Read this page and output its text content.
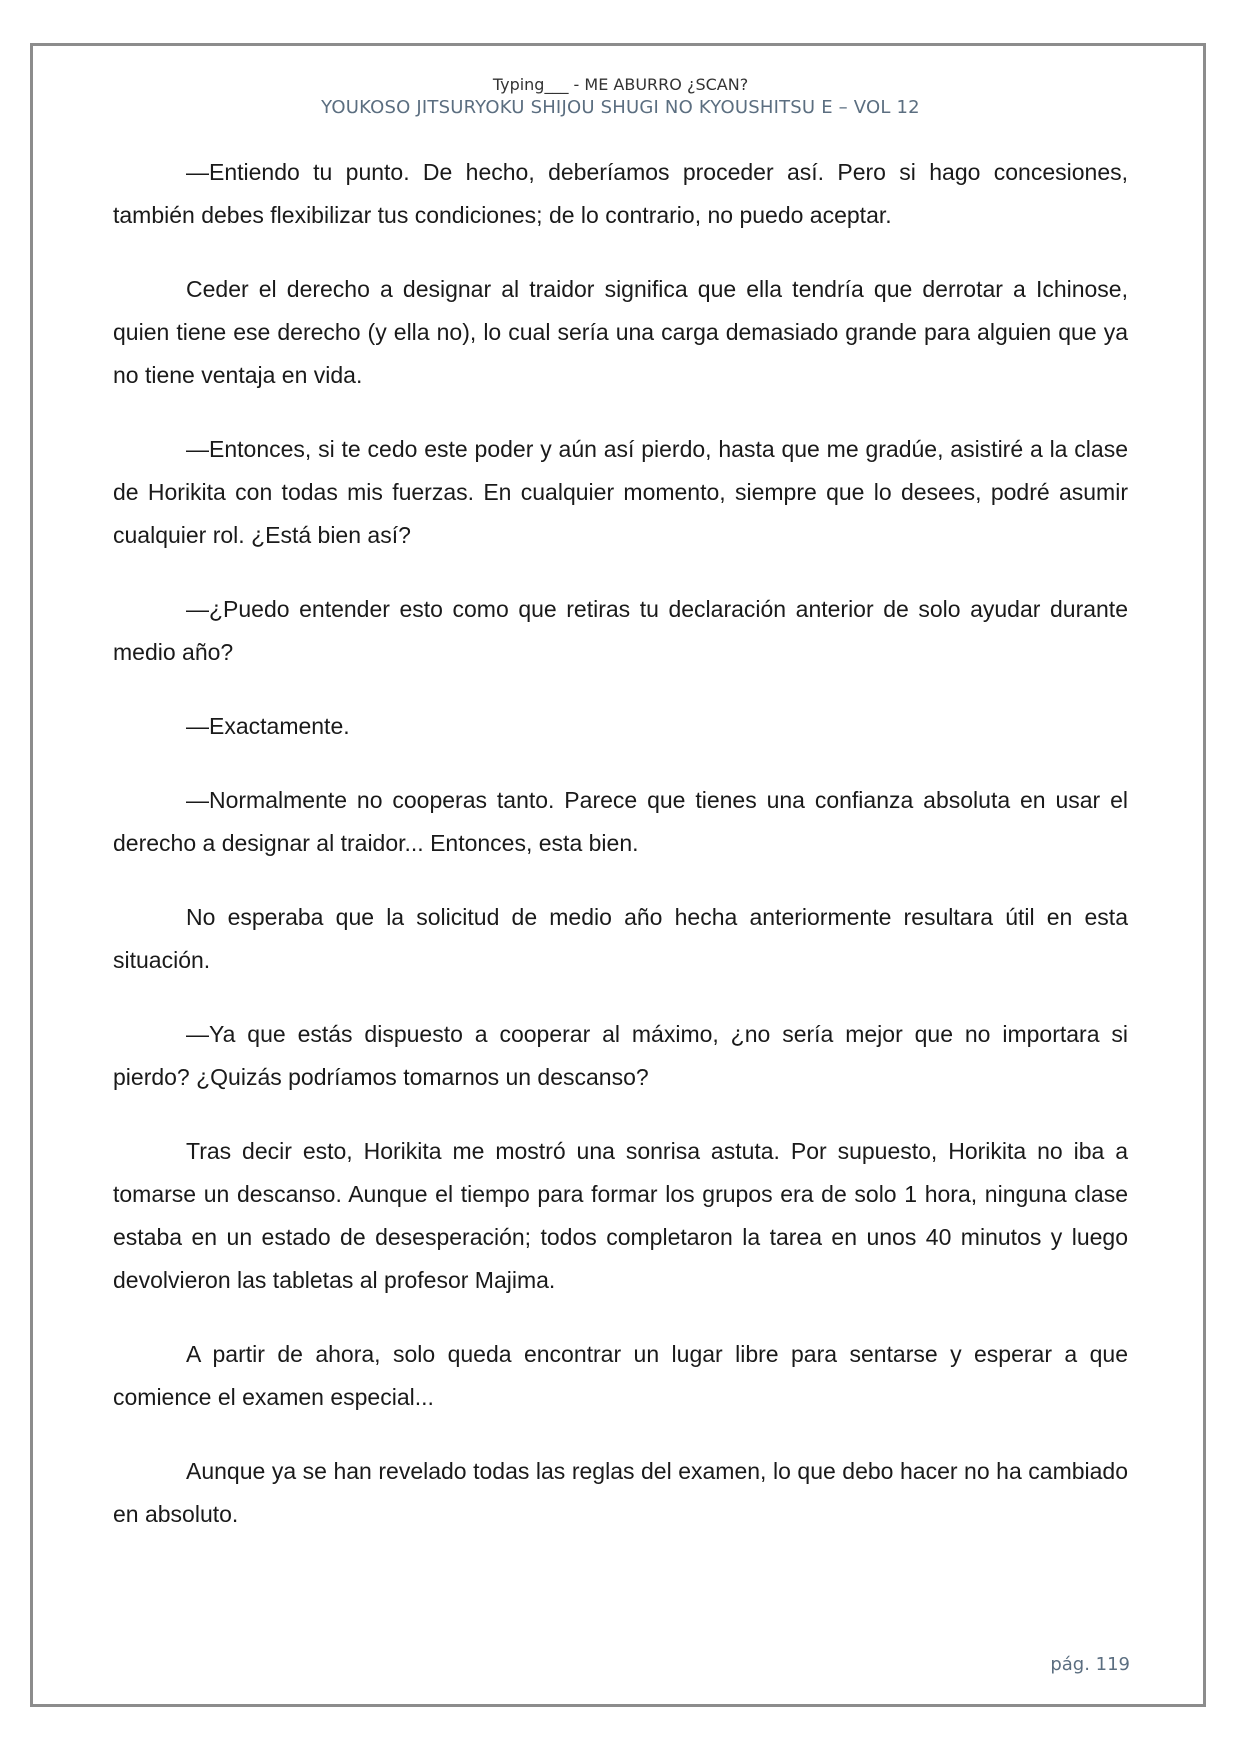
Typing___ - ME ABURRO ¿SCAN?
YOUKOSO JITSURYOKU SHIJOU SHUGI NO KYOUSHITSU E – VOL 12

—Entiendo tu punto. De hecho, deberíamos proceder así. Pero si hago concesiones, también debes flexibilizar tus condiciones; de lo contrario, no puedo aceptar.

Ceder el derecho a designar al traidor significa que ella tendría que derrotar a Ichinose, quien tiene ese derecho (y ella no), lo cual sería una carga demasiado grande para alguien que ya no tiene ventaja en vida.

—Entonces, si te cedo este poder y aún así pierdo, hasta que me gradúe, asistiré a la clase de Horikita con todas mis fuerzas. En cualquier momento, siempre que lo desees, podré asumir cualquier rol. ¿Está bien así?

—¿Puedo entender esto como que retiras tu declaración anterior de solo ayudar durante medio año?

—Exactamente.

—Normalmente no cooperas tanto. Parece que tienes una confianza absoluta en usar el derecho a designar al traidor... Entonces, esta bien.

No esperaba que la solicitud de medio año hecha anteriormente resultara útil en esta situación.

—Ya que estás dispuesto a cooperar al máximo, ¿no sería mejor que no importara si pierdo? ¿Quizás podríamos tomarnos un descanso?

Tras decir esto, Horikita me mostró una sonrisa astuta. Por supuesto, Horikita no iba a tomarse un descanso. Aunque el tiempo para formar los grupos era de solo 1 hora, ninguna clase estaba en un estado de desesperación; todos completaron la tarea en unos 40 minutos y luego devolvieron las tabletas al profesor Majima.

A partir de ahora, solo queda encontrar un lugar libre para sentarse y esperar a que comience el examen especial...

Aunque ya se han revelado todas las reglas del examen, lo que debo hacer no ha cambiado en absoluto.

pág. 119
